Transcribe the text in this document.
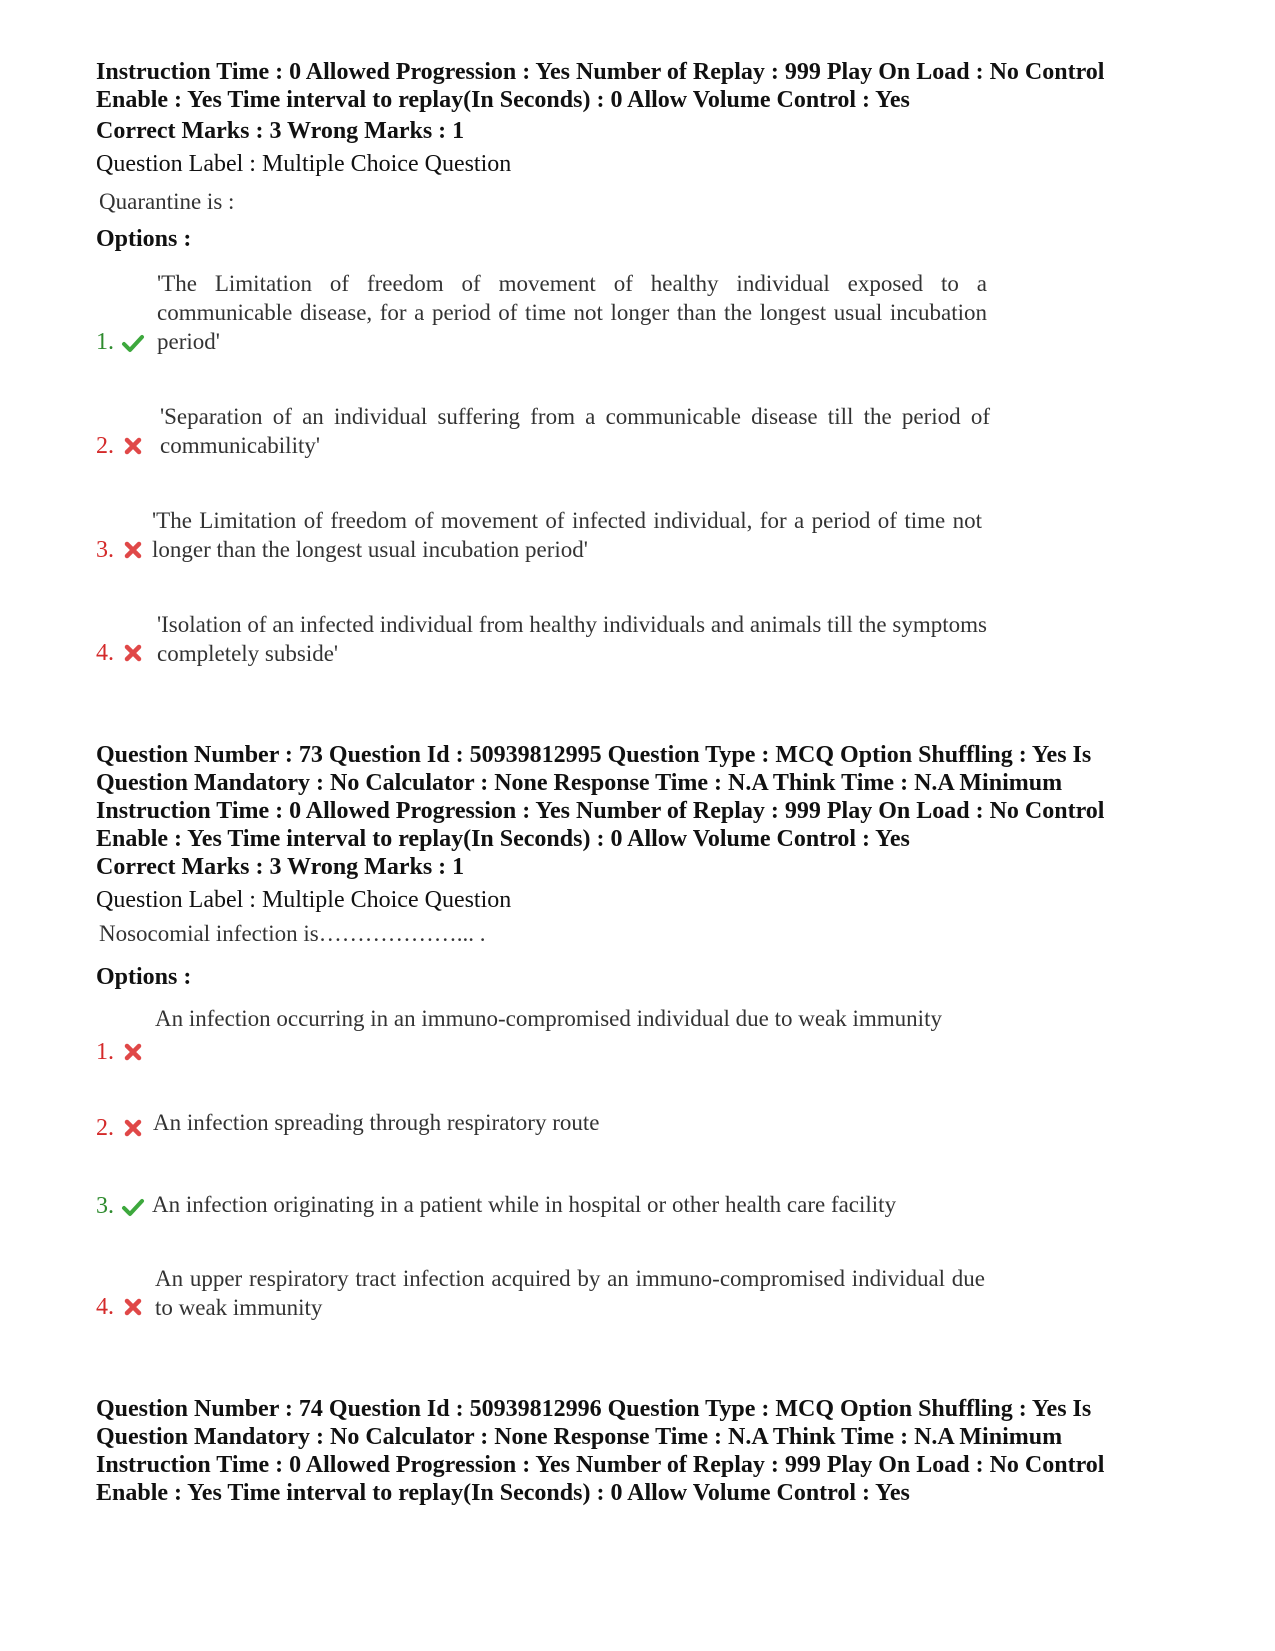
Instruction Time : 0 Allowed Progression : Yes Number of Replay : 999 Play On Load : No Control
Enable : Yes Time interval to replay(In Seconds) : 0 Allow Volume Control : Yes
Correct Marks : 3 Wrong Marks : 1
Question Label : Multiple Choice Question
Quarantine is :
Options :
1.
'The Limitation of freedom of movement of healthy individual exposed to a communicable disease, for a period of time not longer than the longest usual incubation period'
2.
'Separation of an individual suffering from a communicable disease till the period of communicability'
3.
'The Limitation of freedom of movement of infected individual, for a period of time not longer than the longest usual incubation period'
4.
'Isolation of an infected individual from healthy individuals and animals till the symptoms completely subside'
Question Number : 73 Question Id : 50939812995 Question Type : MCQ Option Shuffling : Yes Is
Question Mandatory : No Calculator : None Response Time : N.A Think Time : N.A Minimum
Instruction Time : 0 Allowed Progression : Yes Number of Replay : 999 Play On Load : No Control
Enable : Yes Time interval to replay(In Seconds) : 0 Allow Volume Control : Yes
Correct Marks : 3 Wrong Marks : 1
Question Label : Multiple Choice Question
Nosocomial infection is………………... .
Options :
1.
An infection occurring in an immuno-compromised individual due to weak immunity
2. An infection spreading through respiratory route
3. An infection originating in a patient while in hospital or other health care facility
4.
An upper respiratory tract infection acquired by an immuno-compromised individual due to weak immunity
Question Number : 74 Question Id : 50939812996 Question Type : MCQ Option Shuffling : Yes Is
Question Mandatory : No Calculator : None Response Time : N.A Think Time : N.A Minimum
Instruction Time : 0 Allowed Progression : Yes Number of Replay : 999 Play On Load : No Control
Enable : Yes Time interval to replay(In Seconds) : 0 Allow Volume Control : Yes
